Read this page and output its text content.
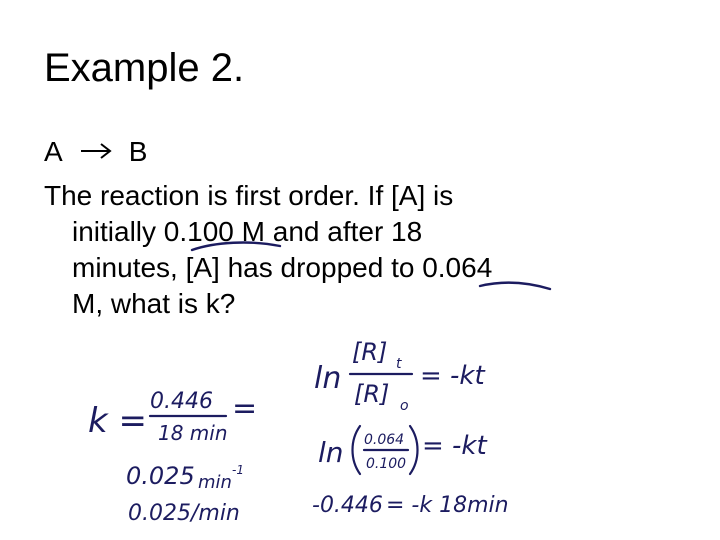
Example 2.
A B
The reaction is first order. If [A] is
initially 0.100 M and after 18
minutes, [A] has dropped to 0.064
M, what is k?
ln
[R] t
[R] o
= -kt
ln 0.064
0.100
= -kt
-0.446 = -k 18min
k = 0.446
18 min
=
0.025 min
-1
0.025/min
